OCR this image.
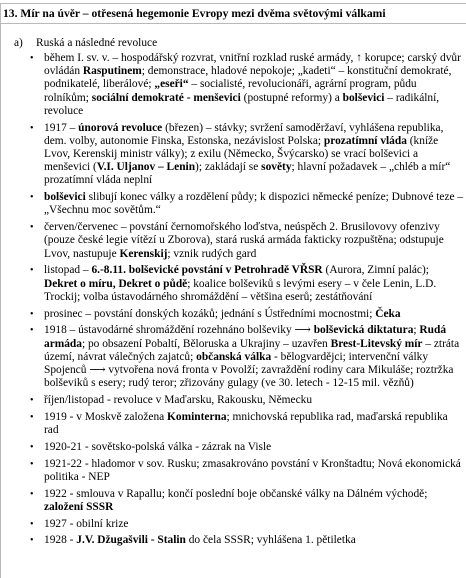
13. Mír na úvěr – otřesená hegemonie Evropy mezi dvěma světovými válkami
a) Ruská a následné revoluce
• během I. sv. v. – hospodářský rozvrat, vnitřní rozklad ruské armády, ↑ korupce; carský dvůr ovládán Rasputinem; demonstrace, hladové nepokoje; „kadeti“ – konstituční demokraté, podnikatelé, liberálové; „eseři“ – socialisté, revolucionáři, agrární program, půdu rolníkům; sociální demokraté - menševici (postupné reformy) a bolševici – radikální, revoluce
• 1917 – únorová revoluce (březen) – stávky; svržení samoděržaví, vyhlášena republika, dem. volby, autonomie Finska, Estonska, nezávislost Polska; prozatímní vláda (kníže Lvov, Kerenskij ministr války); z exilu (Německo, Švýcarsko) se vrací bolševici a menševici (V.I. Uljanov – Lenin); zakládají se sověty; hlavní požadavek – „chléb a mír“ prozatímní vláda neplní
• bolševici slibují konec války a rozdělení půdy; k dispozici německé peníze; Dubnové teze – „Všechnu moc sovětům.“
• červen/červenec – povstání černomořského loďstva, neúspěch 2. Brusilovovy ofenzivy (pouze české legie vítězí u Zborova), stará ruská armáda fakticky rozpuštěna; odstupuje Lvov, nastupuje Kerenskij; vznik rudých gard
• listopad – 6.-8.11. bolševické povstání v Petrohradě VŘSR (Aurora, Zimní palác); Dekret o míru, Dekret o půdě; koalice bolševiků s levými esery – v čele Lenin, L.D. Trockij; volba ústavodárného shromáždění – většina eserů; zestátňování
• prosinec – povstání donských kozáků; jednání s Ústředními mocnostmi; Čeka
• 1918 – ústavodárné shromáždění rozehnáno bolševiky ⟶ bolševická diktatura; Rudá armáda; po obsazení Pobaltí, Běloruska a Ukrajiny – uzavřen Brest-Litevský mír – ztráta území, návrat válečných zajatců; občanská válka - bělogvardějci; intervenční války Spojenců ⟶ vytvořena nová fronta v Povolží; zavraždění rodiny cara Mikuláše; roztržka bolševiků s esery; rudý teror; zřizovány gulagy (ve 30. letech - 12-15 mil. vězňů)
• říjen/listopad - revoluce v Maďarsku, Rakousku, Německu
• 1919 - v Moskvě založena Kominterna; mnichovská republika rad, maďarská republika rad
• 1920-21 - sovětsko-polská válka - zázrak na Visle
• 1921-22 - hladomor v sov. Rusku; zmasakrováno povstání v Kronštadtu; Nová ekonomická politika - NEP
• 1922 - smlouva v Rapallu; končí poslední boje občanské války na Dálném východě; založení SSSR
• 1927 - obilní krize
• 1928 - J.V. Džugašvili - Stalin do čela SSSR; vyhlášena 1. pětiletka
